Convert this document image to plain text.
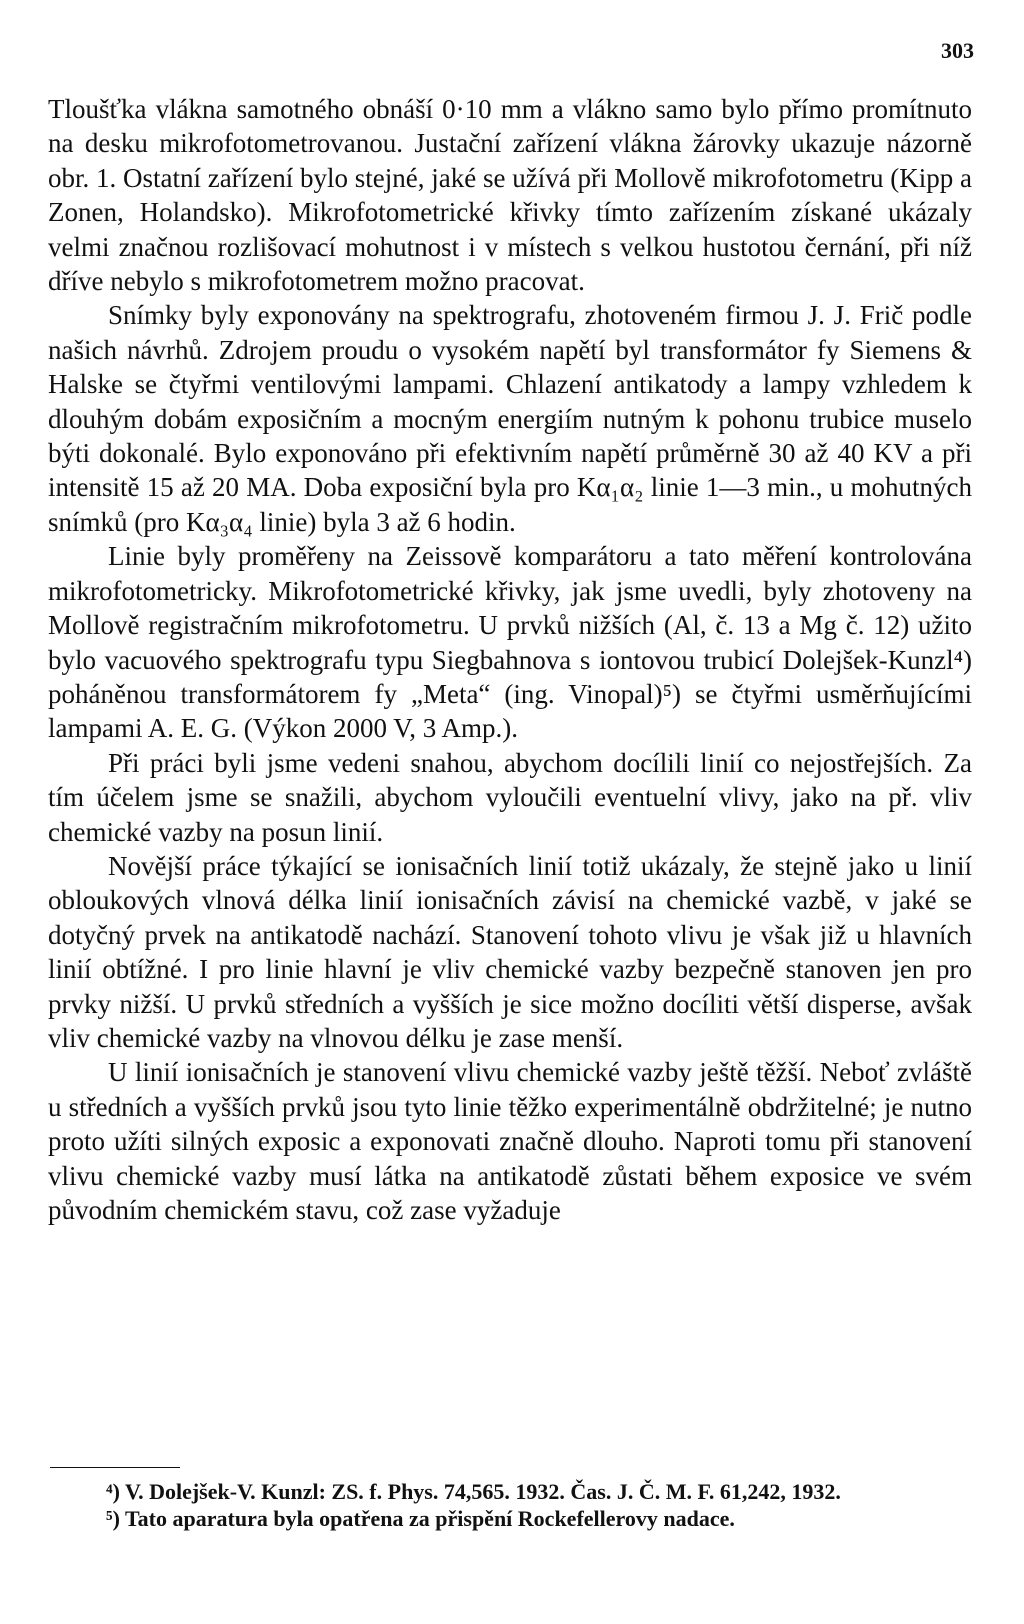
303

Tloušťka vlákna samotného obnáší 0·10 mm a vlákno samo bylo přímo promítnuto na desku mikrofotometrovanou. Justační zařízení vlákna žárovky ukazuje názorně obr. 1. Ostatní zařízení bylo stejné, jaké se užívá při Mollově mikrofotometru (Kipp a Zonen, Holandsko). Mikrofotometrické křivky tímto zařízením získané ukázaly velmi značnou rozlišovací mohutnost i v místech s velkou hustotou černání, při níž dříve nebylo s mikrofotometrem možno pracovat.

Snímky byly exponovány na spektrografu, zhotoveném firmou J. J. Frič podle našich návrhů. Zdrojem proudu o vysokém napětí byl transformátor fy Siemens & Halske se čtyřmi ventilovými lampami. Chlazení antikatody a lampy vzhledem k dlouhým dobám exposičním a mocným energiím nutným k pohonu trubice muselo býti dokonalé. Bylo exponováno při efektivním napětí průměrně 30 až 40 KV a při intensitě 15 až 20 MA. Doba exposiční byla pro Kα₁α₂ linie 1—3 min., u mohutných snímků (pro Kα₃α₄ linie) byla 3 až 6 hodin.

Linie byly proměřeny na Zeissově komparátoru a tato měření kontrolována mikrofotometricky. Mikrofotometrické křivky, jak jsme uvedli, byly zhotoveny na Mollově registračním mikrofotometru. U prvků nižších (Al, č. 13 a Mg č. 12) užito bylo vacuového spektrografu typu Siegbahnova s iontovou trubicí Dolejšek-Kunzl⁴) poháněnou transformátorem fy „Meta“ (ing. Vinopal)⁵) se čtyřmi usměrňujícími lampami A. E. G. (Výkon 2000 V, 3 Amp.).

Při práci byli jsme vedeni snahou, abychom docílili linií co nejostřejších. Za tím účelem jsme se snažili, abychom vyloučili eventuelní vlivy, jako na př. vliv chemické vazby na posun linií.

Novější práce týkající se ionisačních linií totiž ukázaly, že stejně jako u linií obloukových vlnová délka linií ionisačních závisí na chemické vazbě, v jaké se dotyčný prvek na antikatodě nachází. Stanovení tohoto vlivu je však již u hlavních linií obtížné. I pro linie hlavní je vliv chemické vazby bezpečně stanoven jen pro prvky nižší. U prvků středních a vyšších je sice možno docíliti větší disperse, avšak vliv chemické vazby na vlnovou délku je zase menší.

U linií ionisačních je stanovení vlivu chemické vazby ještě těžší. Neboť zvláště u středních a vyšších prvků jsou tyto linie těžko experimentálně obdržitelné; je nutno proto užíti silných exposic a exponovati značně dlouho. Naproti tomu při stanovení vlivu chemické vazby musí látka na antikatodě zůstati během exposice ve svém původním chemickém stavu, což zase vyžaduje

⁴) V. Dolejšek-V. Kunzl: ZS. f. Phys. 74,565. 1932. Čas. J. Č. M. F. 61,242, 1932.

⁵) Tato aparatura byla opatřena za přispění Rockefellerovy nadace.
